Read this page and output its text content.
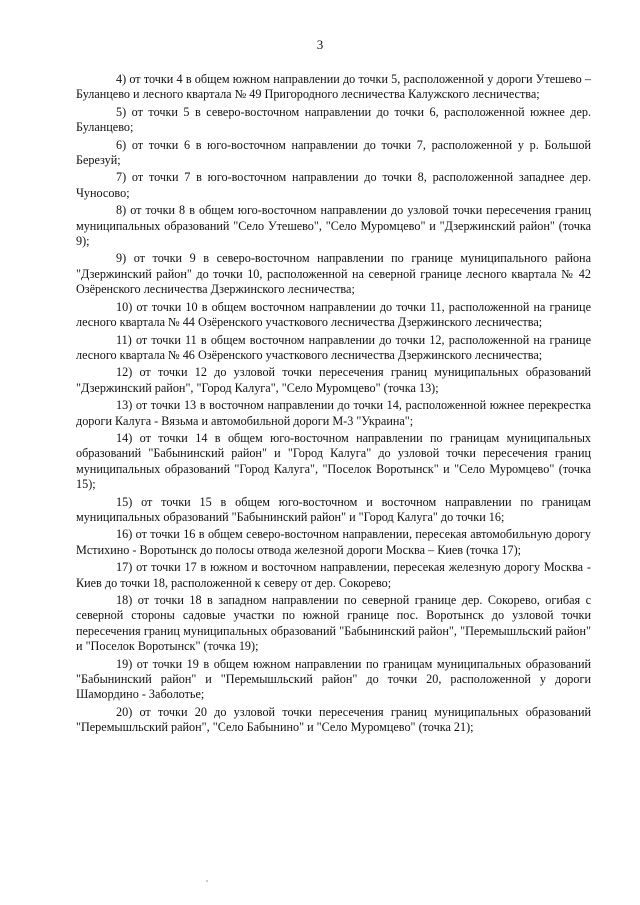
3

4) от точки 4 в общем южном направлении до точки 5, расположенной у дороги Утешево – Буланцево и лесного квартала № 49 Пригородного лесничества Калужского лесничества;

5) от точки 5 в северо-восточном направлении до точки 6, расположенной южнее дер. Буланцево;

6) от точки 6 в юго-восточном направлении до точки 7, расположенной у р. Большой Березуй;

7) от точки 7 в юго-восточном направлении до точки 8, расположенной западнее дер. Чуносово;

8) от точки 8 в общем юго-восточном направлении до узловой точки пересечения границ муниципальных образований "Село Утешево", "Село Муромцево" и "Дзержинский район" (точка 9);

9) от точки 9 в северо-восточном направлении по границе муниципального района "Дзержинский район" до точки 10, расположенной на северной границе лесного квартала № 42 Озёренского лесничества Дзержинского лесничества;

10) от точки 10 в общем восточном направлении до точки 11, расположенной на границе лесного квартала № 44 Озёренского участкового лесничества Дзержинского лесничества;

11) от точки 11 в общем восточном направлении до точки 12, расположенной на границе лесного квартала № 46 Озёренского участкового лесничества Дзержинского лесничества;

12) от точки 12 до узловой точки пересечения границ муниципальных образований "Дзержинский район", "Город Калуга", "Село Муромцево" (точка 13);

13) от точки 13 в восточном направлении до точки 14, расположенной южнее перекрестка дороги Калуга - Вязьма и автомобильной дороги М-3 "Украина";

14) от точки 14 в общем юго-восточном направлении по границам муниципальных образований "Бабынинский район" и "Город Калуга" до узловой точки пересечения границ муниципальных образований "Город Калуга", "Поселок Воротынск" и "Село Муромцево" (точка 15);

15) от точки 15 в общем юго-восточном и восточном направлении по границам муниципальных образований "Бабынинский район" и "Город Калуга" до точки 16;

16) от точки 16 в общем северо-восточном направлении, пересекая автомобильную дорогу Мстихино - Воротынск до полосы отвода железной дороги Москва – Киев (точка 17);

17) от точки 17 в южном и восточном направлении, пересекая железную дорогу Москва - Киев до точки 18, расположенной к северу от дер. Сокорево;

18) от точки 18 в западном направлении по северной границе дер. Сокорево, огибая с северной стороны садовые участки по южной границе пос. Воротынск до узловой точки пересечения границ муниципальных образований "Бабынинский район", "Перемышльский район" и "Поселок Воротынск" (точка 19);

19) от точки 19 в общем южном направлении по границам муниципальных образований "Бабынинский район" и "Перемышльский район" до точки 20, расположенной у дороги Шамордино - Заболотье;

20) от точки 20 до узловой точки пересечения границ муниципальных образований "Перемышльский район", "Село Бабынино" и "Село Муромцево" (точка 21);
